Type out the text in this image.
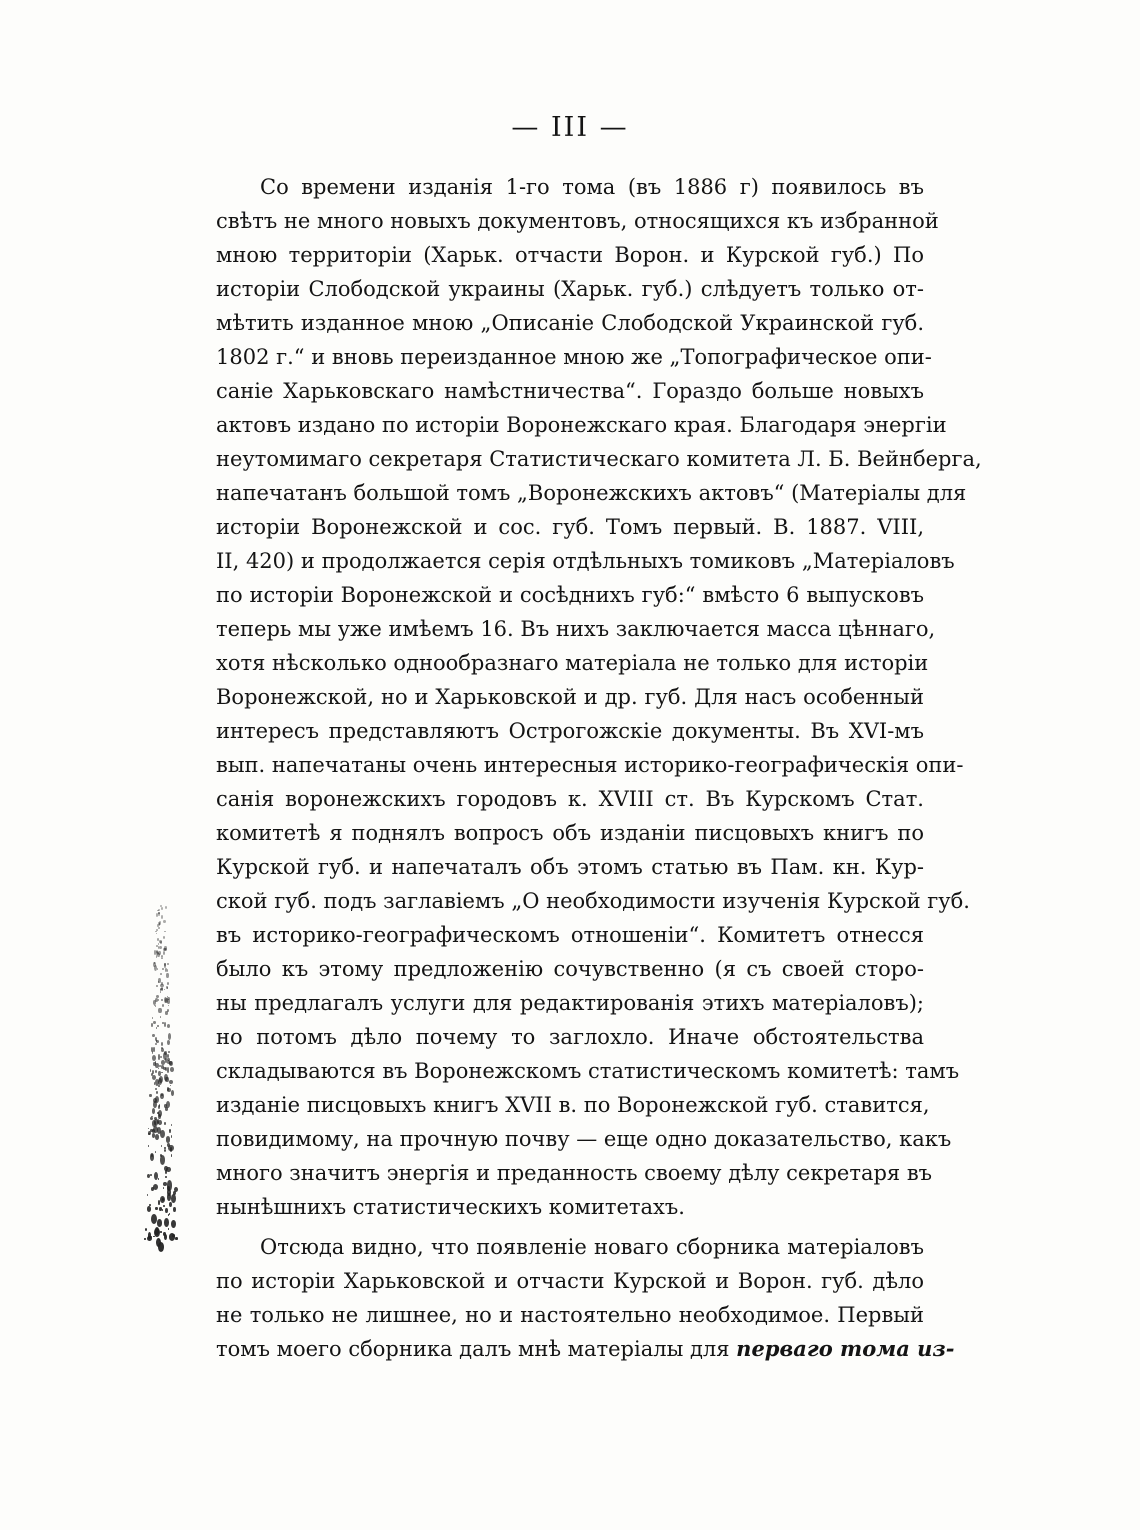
— III —
Со времени изданія 1-го тома (въ 1886 г) появилось въ
свѣтъ не много новыхъ документовъ, относящихся къ избранной
мною территоріи (Харьк. отчасти Ворон. и Курской губ.) По
исторіи Слободской украины (Харьк. губ.) слѣдуетъ только от-
мѣтить изданное мною „Описаніе Слободской Украинской губ.
1802 г.“ и вновь переизданное мною же „Топографическое опи-
саніе Харьковскаго намѣстничества“. Гораздо больше новыхъ
актовъ издано по исторіи Воронежскаго края. Благодаря энергіи
неутомимаго секретаря Статистическаго комитета Л. Б. Вейнберга,
напечатанъ большой томъ „Воронежскихъ актовъ“ (Матеріалы для
исторіи Воронежской и сос. губ. Томъ первый. В. 1887. VIII,
II, 420) и продолжается серія отдѣльныхъ томиковъ „Матеріаловъ
по исторіи Воронежской и сосѣднихъ губ:“ вмѣсто 6 выпусковъ
теперь мы уже имѣемъ 16. Въ нихъ заключается масса цѣннаго,
хотя нѣсколько однообразнаго матеріала не только для исторіи
Воронежской, но и Харьковской и др. губ. Для насъ особенный
интересъ представляютъ Острогожскіе документы. Въ XVI-мъ
вып. напечатаны очень интересныя историко-географическія опи-
санія воронежскихъ городовъ к. XVIII ст. Въ Курскомъ Стат.
комитетѣ я поднялъ вопросъ объ изданіи писцовыхъ книгъ по
Курской губ. и напечаталъ объ этомъ статью въ Пам. кн. Кур-
ской губ. подъ заглавіемъ „О необходимости изученія Курской губ.
въ историко-географическомъ отношеніи“. Комитетъ отнесся
было къ этому предложенію сочувственно (я съ своей сторо-
ны предлагалъ услуги для редактированія этихъ матеріаловъ);
но потомъ дѣло почему то заглохло. Иначе обстоятельства
складываются въ Воронежскомъ статистическомъ комитетѣ: тамъ
изданіе писцовыхъ книгъ XVII в. по Воронежской губ. ставится,
повидимому, на прочную почву — еще одно доказательство, какъ
много значитъ энергія и преданность своему дѣлу секретаря въ
нынѣшнихъ статистическихъ комитетахъ.
Отсюда видно, что появленіе новаго сборника матеріаловъ
по исторіи Харьковской и отчасти Курской и Ворон. губ. дѣло
не только не лишнее, но и настоятельно необходимое. Первый
томъ моего сборника далъ мнѣ матеріалы для перваго тома из-
